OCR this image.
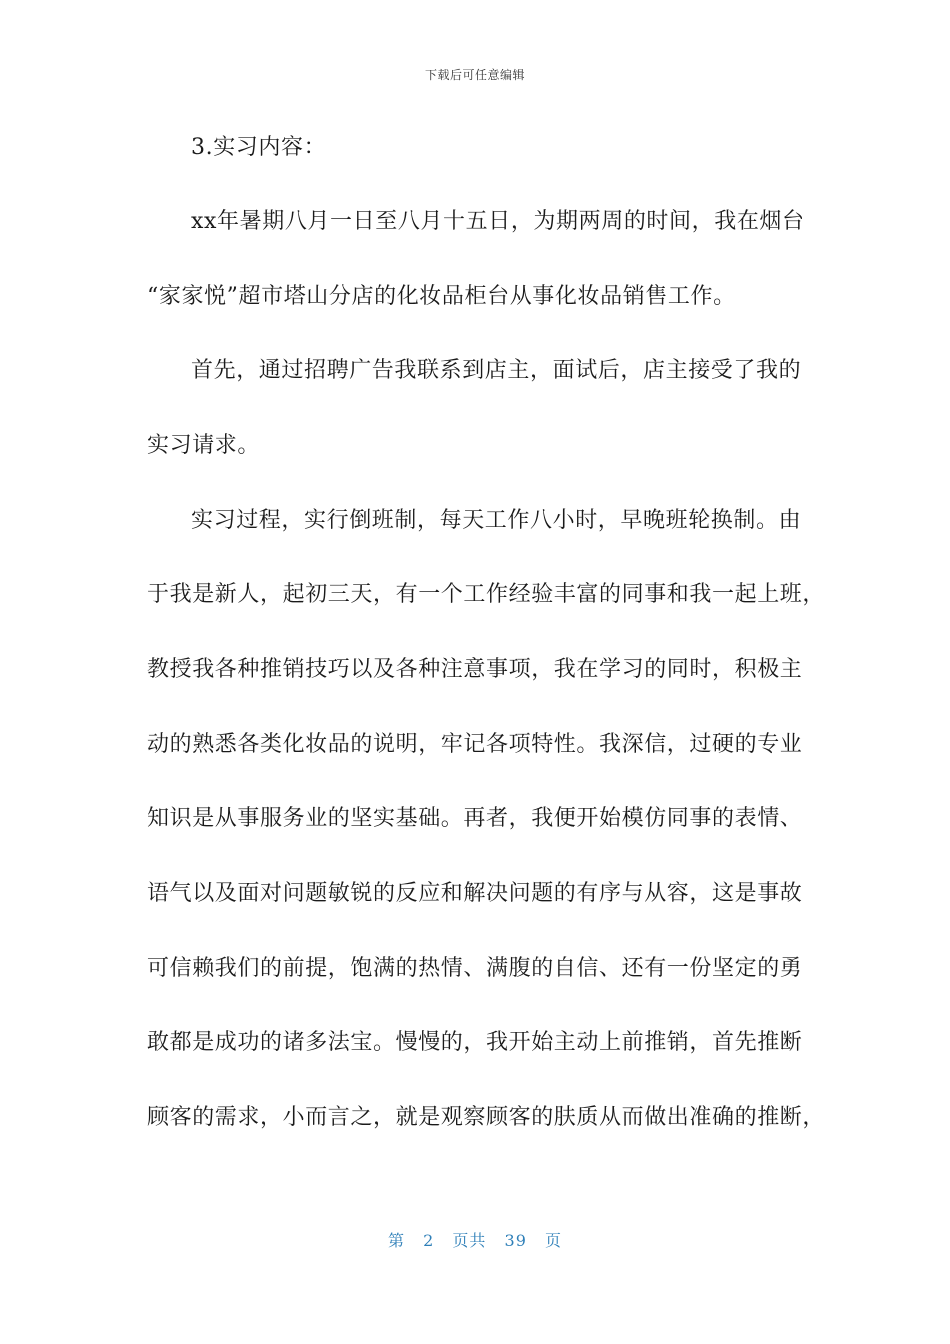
下载后可任意编辑
3.实习内容：
xx年暑期八月一日至八月十五日，为期两周的时间，我在烟台
“家家悦”超市塔山分店的化妆品柜台从事化妆品销售工作。
首先，通过招聘广告我联系到店主，面试后，店主接受了我的
实习请求。
实习过程，实行倒班制，每天工作八小时，早晚班轮换制。由
于我是新人，起初三天，有一个工作经验丰富的同事和我一起上班，
教授我各种推销技巧以及各种注意事项，我在学习的同时，积极主
动的熟悉各类化妆品的说明，牢记各项特性。我深信，过硬的专业
知识是从事服务业的坚实基础。再者，我便开始模仿同事的表情、
语气以及面对问题敏锐的反应和解决问题的有序与从容，这是事故
可信赖我们的前提，饱满的热情、满腹的自信、还有一份坚定的勇
敢都是成功的诸多法宝。慢慢的，我开始主动上前推销，首先推断
顾客的需求，小而言之，就是观察顾客的肤质从而做出准确的推断，
第 2 页共 39 页
